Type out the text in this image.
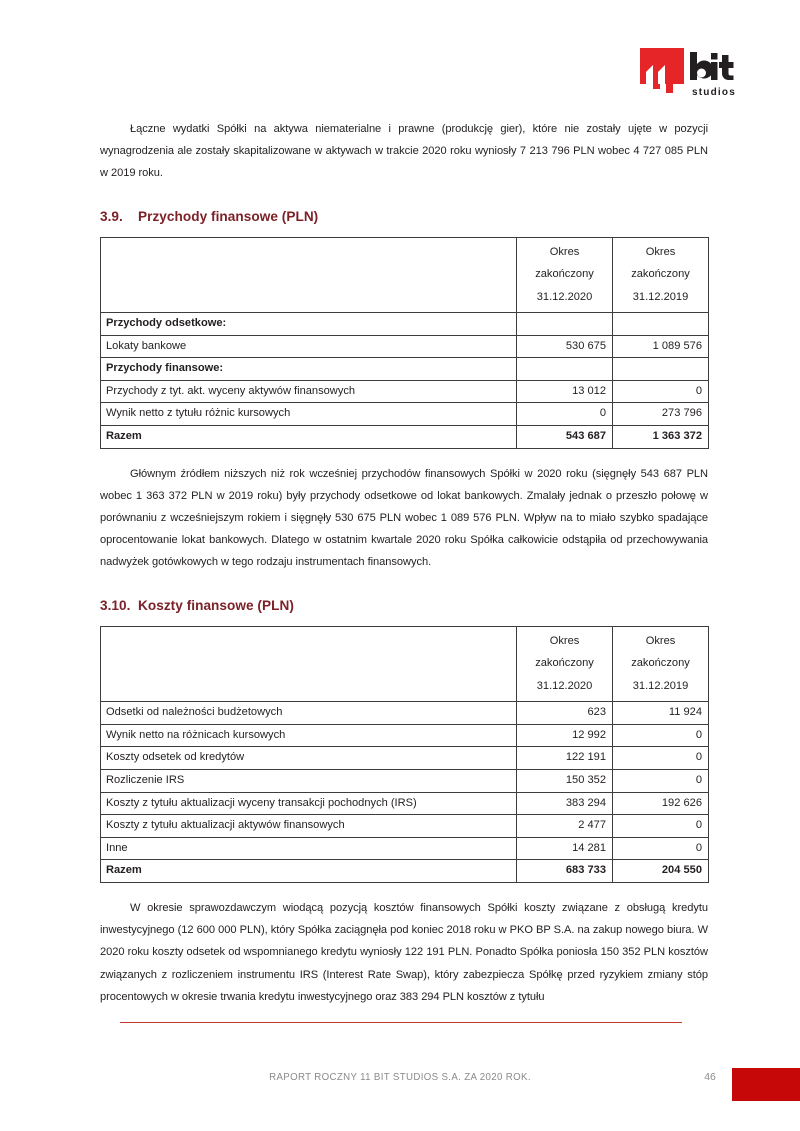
studios

Łączne wydatki Spółki na aktywa niematerialne i prawne (produkcję gier), które nie zostały ujęte w pozycji wynagrodzenia ale zostały skapitalizowane w aktywach w trakcie 2020 roku wyniosły 7 213 796 PLN wobec 4 727 085 PLN w 2019 roku.

3.9.	Przychody finansowe (PLN)

	Okres
zakończony
31.12.2020	Okres
zakończony
31.12.2019

Przychody odsetkowe:		
Lokaty bankowe	530 675	1 089 576
Przychody finansowe:		
Przychody z tyt. akt. wyceny aktywów finansowych	13 012	0
Wynik netto z tytułu różnic kursowych	0	273 796
Razem	543 687	1 363 372

Głównym źródłem niższych niż rok wcześniej przychodów finansowych Spółki w 2020 roku (sięgnęły 543 687 PLN wobec 1 363 372 PLN w 2019 roku) były przychody odsetkowe od lokat bankowych. Zmalały jednak o przeszło połowę w porównaniu z wcześniejszym rokiem i sięgnęły 530 675 PLN wobec 1 089 576 PLN. Wpływ na to miało szybko spadające oprocentowanie lokat bankowych. Dlatego w ostatnim kwartale 2020 roku Spółka całkowicie odstąpiła od przechowywania nadwyżek gotówkowych w tego rodzaju instrumentach finansowych.

3.10. Koszty finansowe (PLN)

	Okres
zakończony
31.12.2020	Okres
zakończony
31.12.2019

Odsetki od należności budżetowych	623	11 924
Wynik netto na różnicach kursowych	12 992	0
Koszty odsetek od kredytów	122 191	0
Rozliczenie IRS	150 352	0
Koszty z tytułu aktualizacji wyceny transakcji pochodnych (IRS)	383 294	192 626
Koszty z tytułu aktualizacji aktywów finansowych	2 477	0
Inne	14 281	0
Razem	683 733	204 550

W okresie sprawozdawczym wiodącą pozycją kosztów finansowych Spółki koszty związane z obsługą kredytu inwestycyjnego (12 600 000 PLN), który Spółka zaciągnęła pod koniec 2018 roku w PKO BP S.A. na zakup nowego biura. W 2020 roku koszty odsetek od wspomnianego kredytu wyniosły 122 191 PLN. Ponadto Spółka poniosła 150 352 PLN kosztów związanych z rozliczeniem instrumentu IRS (Interest Rate Swap), który zabezpiecza Spółkę przed ryzykiem zmiany stóp procentowych w okresie trwania kredytu inwestycyjnego oraz 383 294 PLN kosztów z tytułu

RAPORT ROCZNY 11 BIT STUDIOS S.A. ZA 2020 ROK.	46
